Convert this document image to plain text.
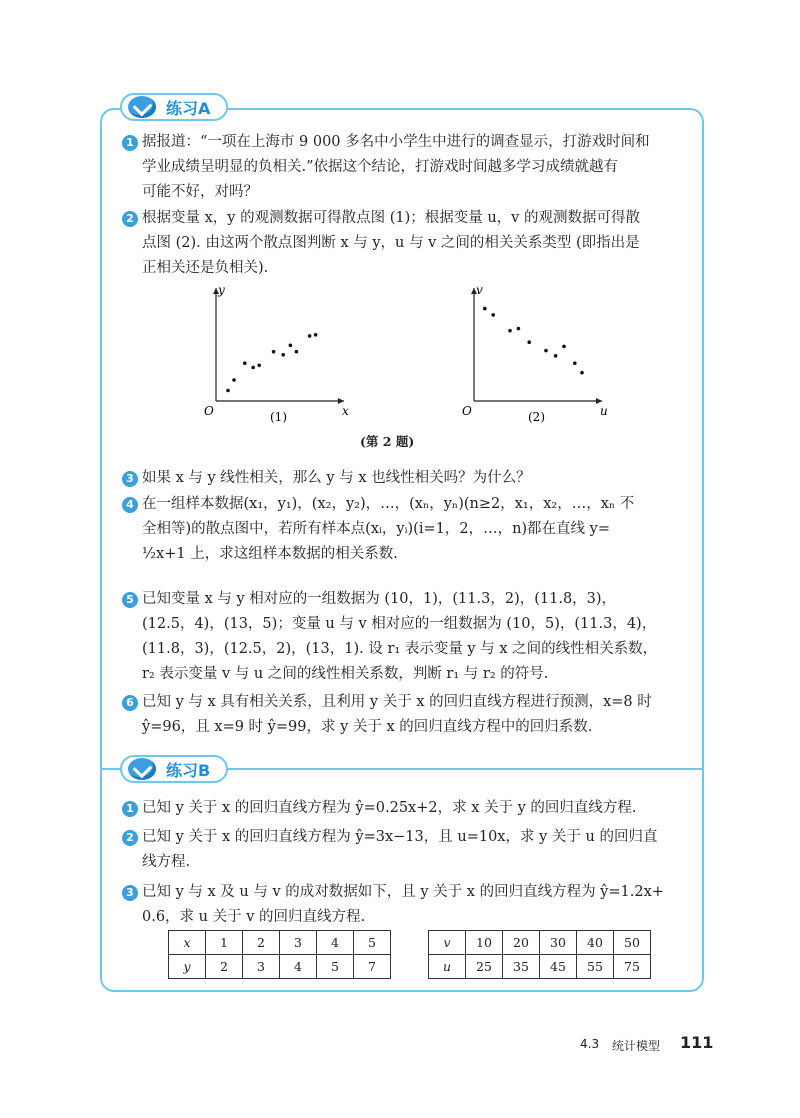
练习A
1 据报道：“一项在上海市 9 000 多名中小学生中进行的调查显示，打游戏时间和
学业成绩呈明显的负相关.”依据这个结论，打游戏时间越多学习成绩就越有
可能不好，对吗？
2 根据变量 x，y 的观测数据可得散点图 (1)；根据变量 u，v 的观测数据可得散
点图 (2). 由这两个散点图判断 x 与 y，u 与 v 之间的相关关系类型 (即指出是
正相关还是负相关).
O	x
y
(1)	O	u
v
(2)
(第 2 题)
3 如果 x 与 y 线性相关，那么 y 与 x 也线性相关吗？为什么？
4 在一组样本数据(x₁，y₁)，(x₂，y₂)，…，(xₙ，yₙ)(n≥2，x₁，x₂，…，xₙ 不
全相等)的散点图中，若所有样本点(xᵢ，yᵢ)(i=1，2，…，n)都在直线 y=
½x+1 上，求这组样本数据的相关系数.
5 已知变量 x 与 y 相对应的一组数据为 (10，1)，(11.3，2)，(11.8，3)，
(12.5，4)，(13，5)；变量 u 与 v 相对应的一组数据为 (10，5)，(11.3，4)，
(11.8，3)，(12.5，2)，(13，1). 设 r₁ 表示变量 y 与 x 之间的线性相关系数，
r₂ 表示变量 v 与 u 之间的线性相关系数，判断 r₁ 与 r₂ 的符号.
6 已知 y 与 x 具有相关关系，且利用 y 关于 x 的回归直线方程进行预测，x=8 时
ŷ=96，且 x=9 时 ŷ=99，求 y 关于 x 的回归直线方程中的回归系数.
练习B
1 已知 y 关于 x 的回归直线方程为 ŷ=0.25x+2，求 x 关于 y 的回归直线方程.
2 已知 y 关于 x 的回归直线方程为 ŷ=3x−13，且 u=10x，求 y 关于 u 的回归直
线方程.
3 已知 y 与 x 及 u 与 v 的成对数据如下，且 y 关于 x 的回归直线方程为 ŷ=1.2x+
0.6，求 u 关于 v 的回归直线方程.
x	1	2	3	4	5
y	2	3	4	5	7
v	10	20	30	40	50
u	25	35	45	55	75
4.3 统计模型 111
